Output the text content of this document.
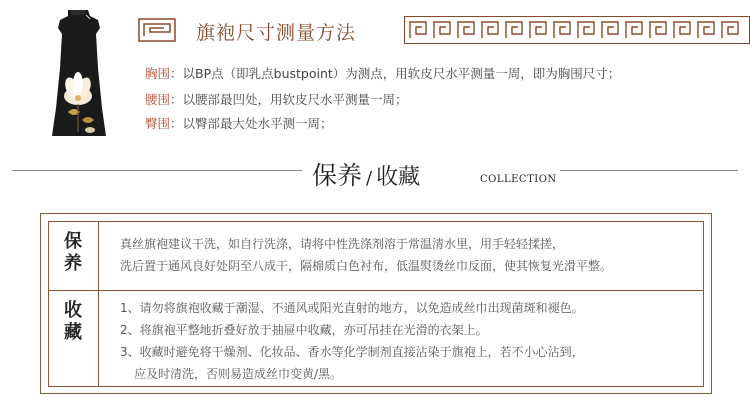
旗袍尺寸测量方法
胸围：以BP点（即乳点bustpoint）为测点，用软皮尺水平测量一周，即为胸围尺寸；
腰围：以腰部最凹处，用软皮尺水平测量一周；
臀围：以臀部最大处水平测一周；
保养 / 收藏	COLLECTION
保
养
真丝旗袍建议干洗，如自行洗涤，请将中性洗涤剂溶于常温清水里，用手轻轻揉搓，
洗后置于通风良好处阴至八成干，隔棉质白色衬布，低温熨烫丝巾反面，使其恢复光滑平整。
收
藏
1、请勿将旗袍收藏于潮湿、不通风或阳光直射的地方，以免造成丝巾出现菌斑和褪色。
2、将旗袍平整地折叠好放于抽屉中收藏，亦可吊挂在光滑的衣架上。
3、收藏时避免将干燥剂、化妆品、香水等化学制剂直接沾染于旗袍上，若不小心沾到，
应及时清洗，否则易造成丝巾变黄/黑。
